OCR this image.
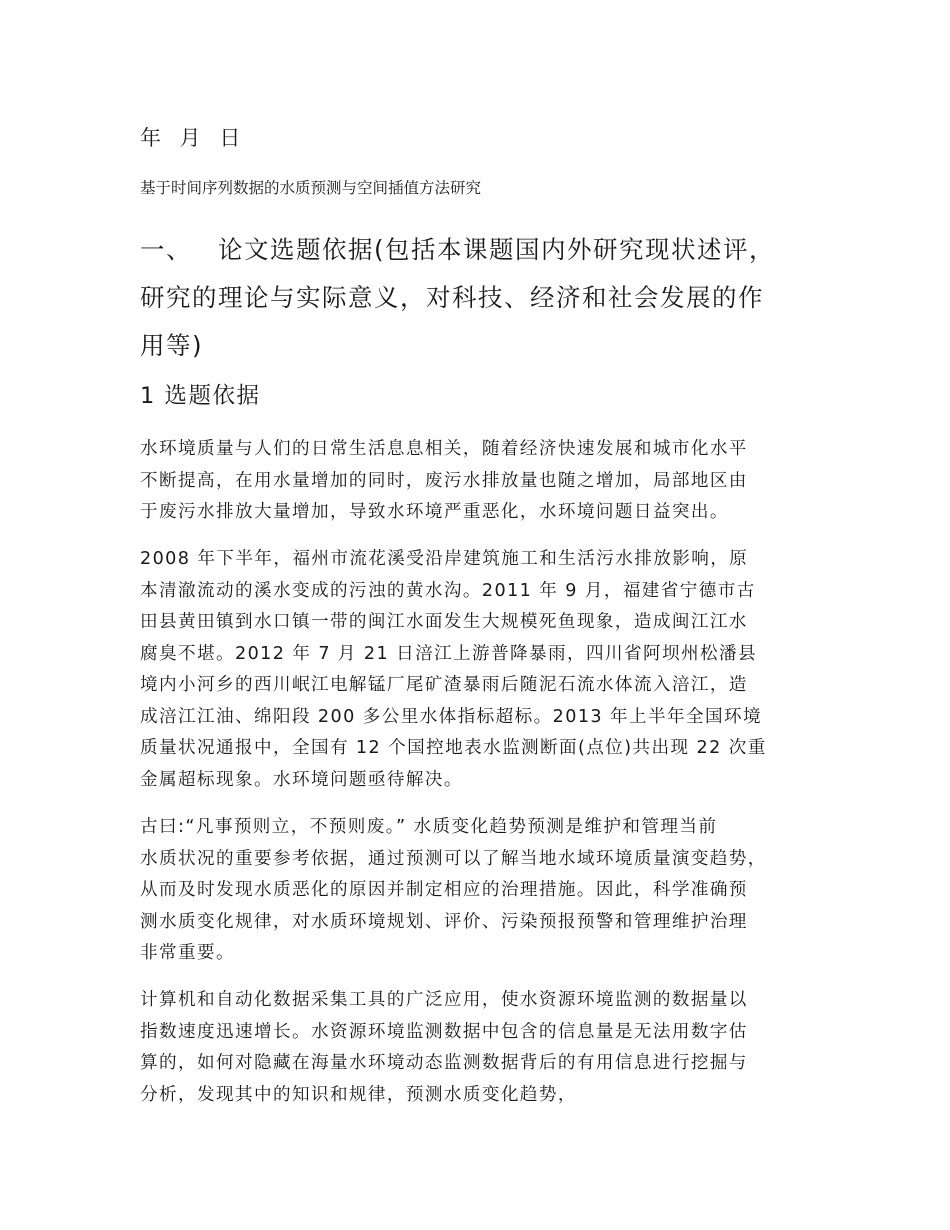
年 月 日
基于时间序列数据的水质预测与空间插值方法研究
一、 论文选题依据(包括本课题国内外研究现状述评，
研究的理论与实际意义，对科技、经济和社会发展的作
用等)
1 选题依据
水环境质量与人们的日常生活息息相关，随着经济快速发展和城市化水平
不断提高，在用水量增加的同时，废污水排放量也随之增加，局部地区由
于废污水排放大量增加，导致水环境严重恶化，水环境问题日益突出。
2008 年下半年，福州市流花溪受沿岸建筑施工和生活污水排放影响，原
本清澈流动的溪水变成的污浊的黄水沟。2011 年 9 月，福建省宁德市古
田县黄田镇到水口镇一带的闽江水面发生大规模死鱼现象，造成闽江江水
腐臭不堪。2012 年 7 月 21 日涪江上游普降暴雨，四川省阿坝州松潘县
境内小河乡的西川岷江电解锰厂尾矿渣暴雨后随泥石流水体流入涪江，造
成涪江江油、绵阳段 200 多公里水体指标超标。2013 年上半年全国环境
质量状况通报中，全国有 12 个国控地表水监测断面(点位)共出现 22 次重
金属超标现象。水环境问题亟待解决。
古曰:“凡事预则立，不预则废。” 水质变化趋势预测是维护和管理当前
水质状况的重要参考依据，通过预测可以了解当地水域环境质量演变趋势，
从而及时发现水质恶化的原因并制定相应的治理措施。因此，科学准确预
测水质变化规律，对水质环境规划、评价、污染预报预警和管理维护治理
非常重要。
计算机和自动化数据采集工具的广泛应用，使水资源环境监测的数据量以
指数速度迅速增长。水资源环境监测数据中包含的信息量是无法用数字估
算的，如何对隐藏在海量水环境动态监测数据背后的有用信息进行挖掘与
分析，发现其中的知识和规律，预测水质变化趋势，
